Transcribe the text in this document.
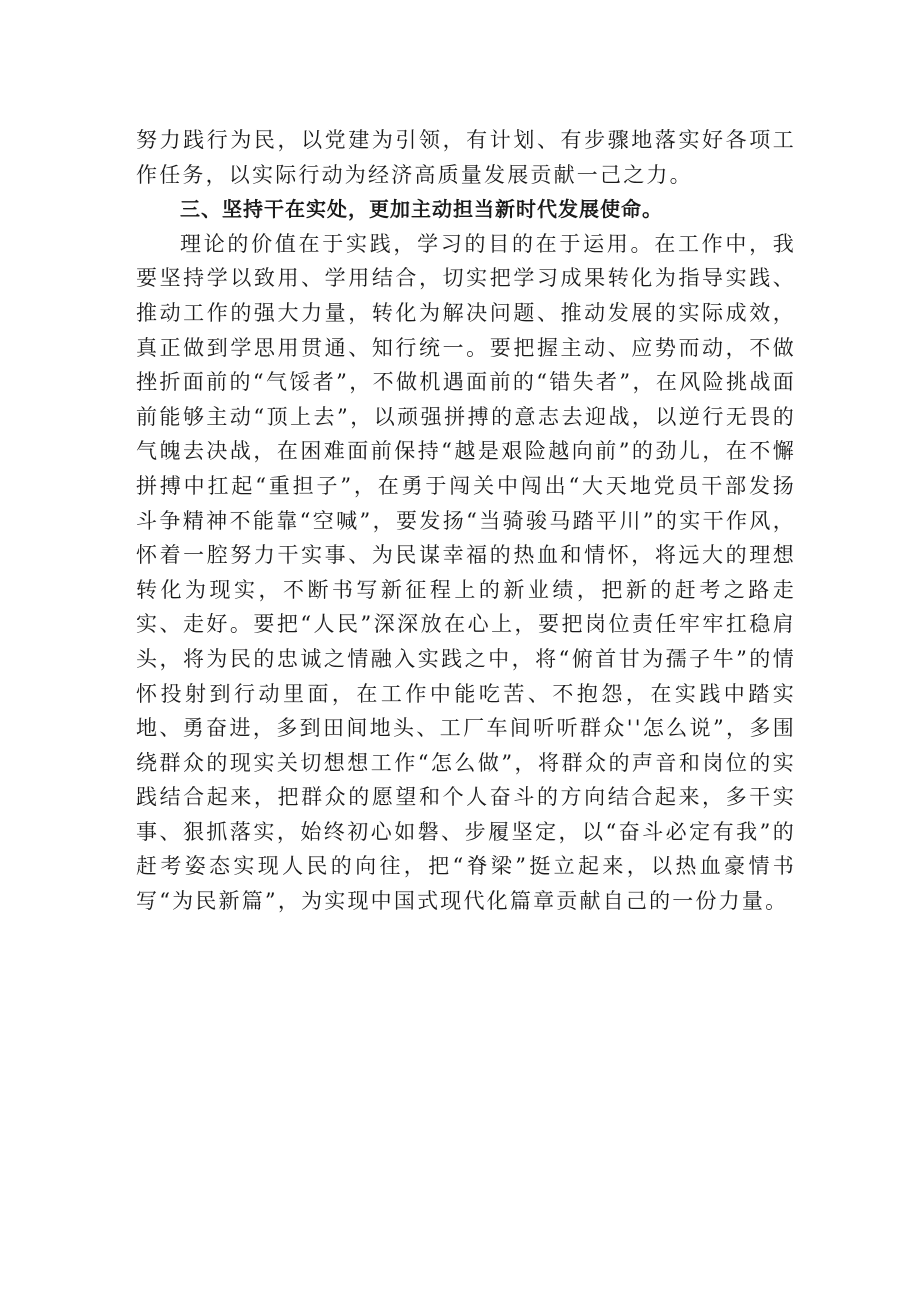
努力践行为民，以党建为引领，有计划、有步骤地落实好各项工作任务，以实际行动为经济高质量发展贡献一己之力。

三、坚持干在实处，更加主动担当新时代发展使命。

理论的价值在于实践，学习的目的在于运用。在工作中，我要坚持学以致用、学用结合，切实把学习成果转化为指导实践、推动工作的强大力量，转化为解决问题、推动发展的实际成效，真正做到学思用贯通、知行统一。要把握主动、应势而动，不做挫折面前的“气馁者”，不做机遇面前的“错失者”，在风险挑战面前能够主动“顶上去”，以顽强拼搏的意志去迎战，以逆行无畏的气魄去决战，在困难面前保持“越是艰险越向前”的劲儿，在不懈拼搏中扛起“重担子”，在勇于闯关中闯出“大天地党员干部发扬斗争精神不能靠“空喊”，要发扬“当骑骏马踏平川”的实干作风，怀着一腔努力干实事、为民谋幸福的热血和情怀，将远大的理想转化为现实，不断书写新征程上的新业绩，把新的赶考之路走实、走好。要把“人民”深深放在心上，要把岗位责任牢牢扛稳肩头，将为民的忠诚之情融入实践之中，将“俯首甘为孺子牛”的情怀投射到行动里面，在工作中能吃苦、不抱怨，在实践中踏实地、勇奋进，多到田间地头、工厂车间听听群众''怎么说”，多围绕群众的现实关切想想工作“怎么做”，将群众的声音和岗位的实践结合起来，把群众的愿望和个人奋斗的方向结合起来，多干实事、狠抓落实，始终初心如磐、步履坚定，以“奋斗必定有我”的赶考姿态实现人民的向往，把“脊梁”挺立起来，以热血豪情书写“为民新篇”，为实现中国式现代化篇章贡献自己的一份力量。
